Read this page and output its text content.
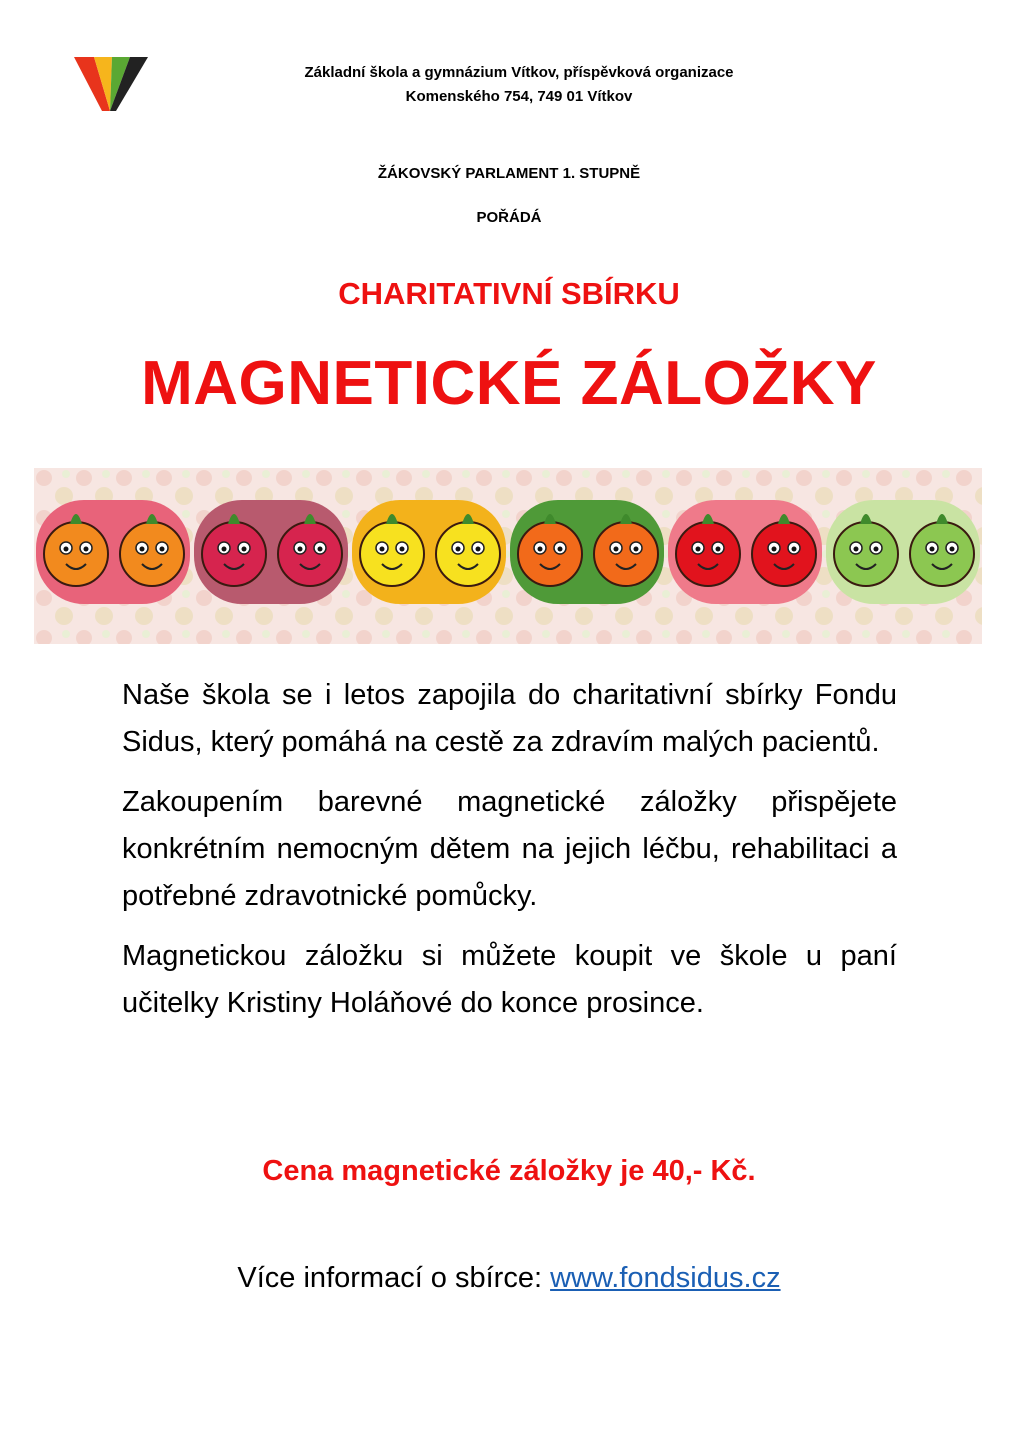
Základní škola a gymnázium Vítkov, příspěvková organizace
Komenského 754, 749 01 Vítkov
ŽÁKOVSKÝ PARLAMENT 1. STUPNĚ
POŘÁDÁ
CHARITATIVNÍ SBÍRKU
MAGNETICKÉ ZÁLOŽKY

Naše škola se i letos zapojila do charitativní sbírky Fondu Sidus, který pomáhá na cestě za zdravím malých pacientů.

Zakoupením barevné magnetické záložky přispějete konkrétním nemocným dětem na jejich léčbu, rehabilitaci a potřebné zdravotnické pomůcky.

Magnetickou záložku si můžete koupit ve škole u paní učitelky Kristiny Holáňové do konce prosince.

Cena magnetické záložky je 40,- Kč.
Více informací o sbírce: www.fondsidus.cz
